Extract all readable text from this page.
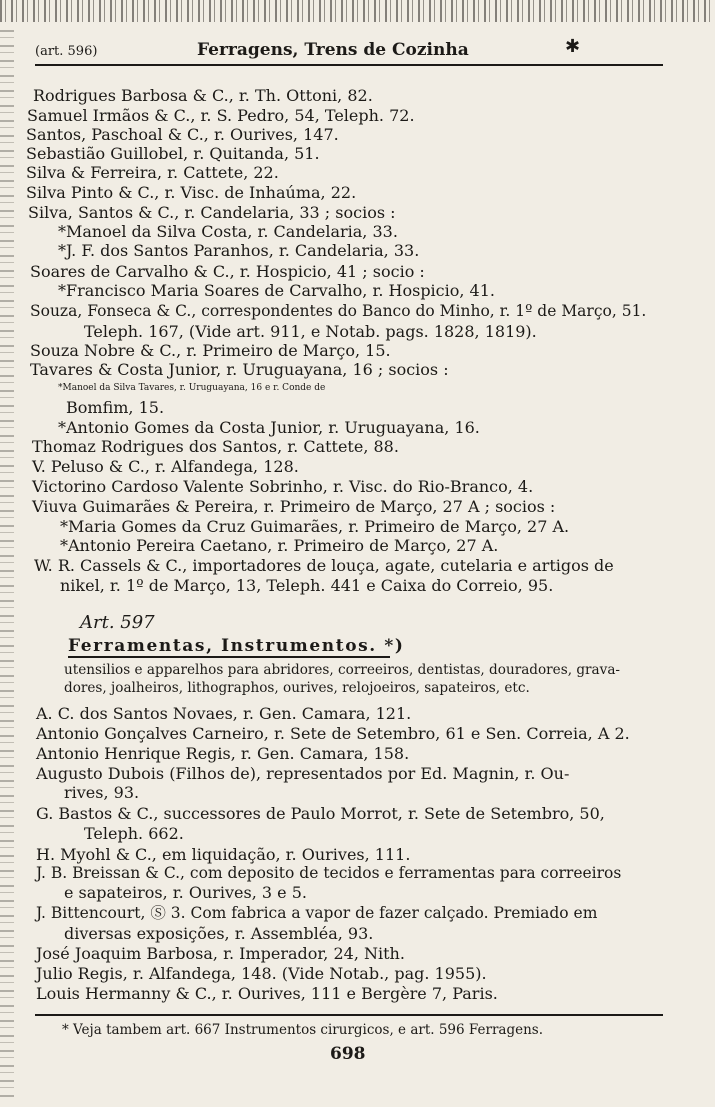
(art. 596)	Ferragens, Trens de Cozinha	✱
Rodrigues Barbosa & C., r. Th. Ottoni, 82.
Samuel Irmãos & C., r. S. Pedro, 54, Teleph. 72.
Santos, Paschoal & C., r. Ourives, 147.
Sebastião Guillobel, r. Quitanda, 51.
Silva & Ferreira, r. Cattete, 22.
Silva Pinto & C., r. Visc. de Inhaúma, 22.
Silva, Santos & C., r. Candelaria, 33 ; socios :
*Manoel da Silva Costa, r. Candelaria, 33.
*J. F. dos Santos Paranhos, r. Candelaria, 33.
Soares de Carvalho & C., r. Hospicio, 41 ; socio :
*Francisco Maria Soares de Carvalho, r. Hospicio, 41.
Souza, Fonseca & C., correspondentes do Banco do Minho, r. 1º de Março, 51.
Teleph. 167, (Vide art. 911, e Notab. pags. 1828, 1819).
Souza Nobre & C., r. Primeiro de Março, 15.
Tavares & Costa Junior, r. Uruguayana, 16 ; socios :
*Manoel da Silva Tavares, r. Uruguayana, 16 e r. Conde de
Bomfim, 15.
*Antonio Gomes da Costa Junior, r. Uruguayana, 16.
Thomaz Rodrigues dos Santos, r. Cattete, 88.
V. Peluso & C., r. Alfandega, 128.
Victorino Cardoso Valente Sobrinho, r. Visc. do Rio-Branco, 4.
Viuva Guimarães & Pereira, r. Primeiro de Março, 27 A ; socios :
*Maria Gomes da Cruz Guimarães, r. Primeiro de Março, 27 A.
*Antonio Pereira Caetano, r. Primeiro de Março, 27 A.
W. R. Cassels & C., importadores de louça, agate, cutelaria e artigos de
nikel, r. 1º de Março, 13, Teleph. 441 e Caixa do Correio, 95.
Art. 597
Ferramentas, Instrumentos. *)
utensilios e apparelhos para abridores, correeiros, dentistas, douradores, grava-
dores, joalheiros, lithographos, ourives, relojoeiros, sapateiros, etc.
A. C. dos Santos Novaes, r. Gen. Camara, 121.
Antonio Gonçalves Carneiro, r. Sete de Setembro, 61 e Sen. Correia, A 2.
Antonio Henrique Regis, r. Gen. Camara, 158.
Augusto Dubois (Filhos de), representados por Ed. Magnin, r. Ou-
rives, 93.
G. Bastos & C., successores de Paulo Morrot, r. Sete de Setembro, 50,
Teleph. 662.
H. Myohl & C., em liquidação, r. Ourives, 111.
J. B. Breissan & C., com deposito de tecidos e ferramentas para correeiros
e sapateiros, r. Ourives, 3 e 5.
J. Bittencourt, Ⓢ 3. Com fabrica a vapor de fazer calçado. Premiado em
diversas exposições, r. Assembléa, 93.
José Joaquim Barbosa, r. Imperador, 24, Nith.
Julio Regis, r. Alfandega, 148. (Vide Notab., pag. 1955).
Louis Hermanny & C., r. Ourives, 111 e Bergère 7, Paris.
* Veja tambem art. 667 Instrumentos cirurgicos, e art. 596 Ferragens.
698
